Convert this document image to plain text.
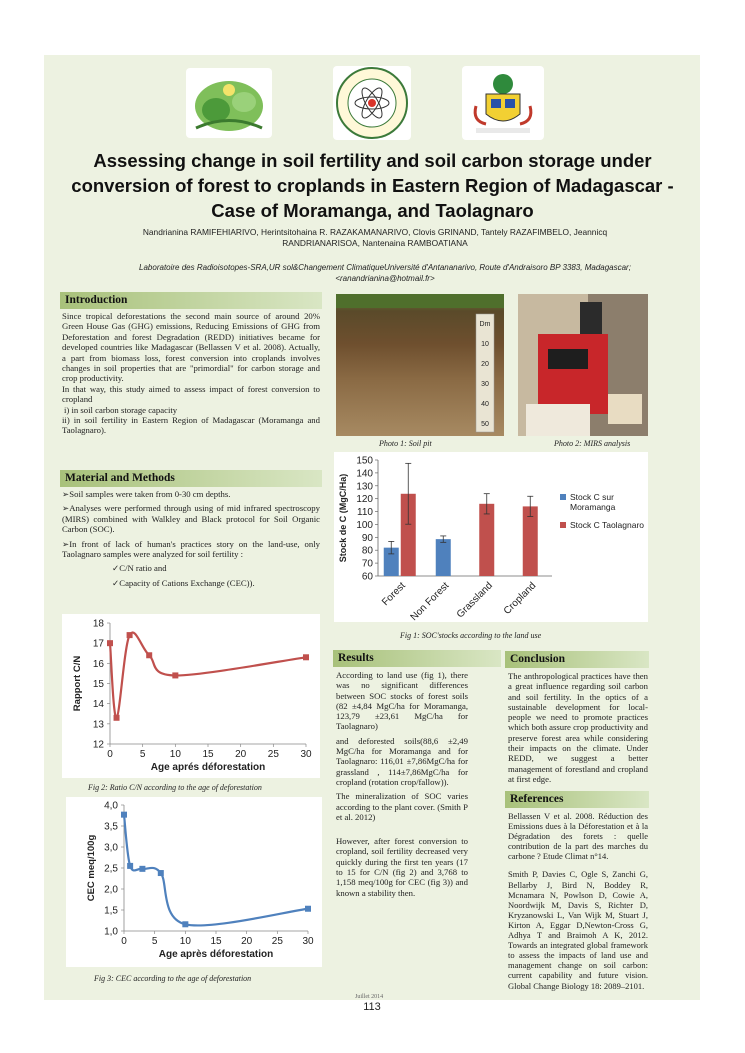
Assessing change in soil fertility and soil carbon storage under conversion of forest to croplands in Eastern Region of Madagascar - Case of Moramanga, and Taolagnaro
Nandrianina RAMIFEHIARIVO, Herintsitohaina R. RAZAKAMANARIVO, Clovis GRINAND, Tantely RAZAFIMBELO, Jeannicq RANDRIANARISOA, Nantenaina RAMBOATIANA
Laboratoire des Radioisotopes-SRA,UR sol&Changement ClimatiqueUniversité d'Antananarivo, Route d'Andraisoro BP 3383, Madagascar; <ranandrianina@hotmail.fr>
Introduction

Since tropical deforestations the second main source of around 20% Green House Gas (GHG) emissions, Reducing Emissions of GHG from Deforestation and forest Degradation (REDD) initiatives became for developed countries like Madagascar (Bellassen V et al. 2008). Actually, a part from biomass loss, forest conversion into croplands involves changes in soil properties that are "primordial" for carbon storage and crop productivity.

In that way, this study aimed to assess impact of forest conversion to cropland

i) in soil carbon storage capacity

ii) in soil fertility in Eastern Region of Madagascar (Moramanga and Taolagnaro).

Material and Methods

➢ Soil samples were taken from 0-30 cm depths.

➢ Analyses were performed through using of mid infrared spectroscopy (MIRS) combined with Walkley and Black protocol for Soil Organic Carbon (SOC).

➢ In front of lack of human's practices story on the land-use, only Taolagnaro samples were analyzed for soil fertility :

✓ C/N ratio and

✓ Capacity of Cations Exchange (CEC)).

12
13
14
15
16
17
18
0	5 10 15 20 25 30
Rapport C/N
Age aprés déforestation
Fig 2: Ratio C/N according to the age of deforestation
1,0
1,5
2,0
2,5
3,0
3,5
4,0
0	5 10 15 20 25 30
CEC meq/100g
Age après déforestation
Fig 3: CEC according to the age of deforestation
Dm
10
20
30
40
50
Photo 1: Soil pit	Photo 2: MIRS analysis
60
70
80
90
100
110
120
130
140
150
Stock de C (MgC/Ha)
Forest Non Forest Grassland Cropland
Stock C sur Moramanga
Stock C Taolagnaro
Fig 1: SOC'stocks according to the land use
Results

According to land use (fig 1), there was no significant differences between SOC stocks of forest soils (82 ±4,84 MgC/ha for Moramanga, 123,79 ±23,61 MgC/ha for Taolagnaro)

and deforested soils(88,6 ±2,49 MgC/ha for Moramanga and for Taolagnaro: 116,01 ±7,86MgC/ha for grassland , 114±7,86MgC/ha for cropland (rotation crop/fallow)).

The mineralization of SOC varies according to the plant cover. (Smith P et al. 2012)

However, after forest conversion to cropland, soil fertility decreased very quickly during the first ten years (17 to 15 for C/N (fig 2) and 3,768 to 1,158 meq/100g for CEC (fig 3)) and known a stability then.

Conclusion

The anthropological practices have then a great influence regarding soil carbon and soil fertility. In the optics of a sustainable development for local-people we need to promote practices which both assure crop productivity and preserve forest area while considering their impacts on the climate. Under REDD, we suggest a better management of forestland and cropland at first edge.

References

Bellassen V et al. 2008. Réduction des Emissions dues à la Déforestation et à la Dégradation des forets : quelle contribution de la part des marches du carbone ? Etude Climat n°14.

Smith P, Davies C, Ogle S, Zanchi G, Bellarby J, Bird N, Boddey R, Mcnamara N, Powlson D, Cowie A, Noordwijk M, Davis S, Richter D, Kryzanowski L, Van Wijk M, Stuart J, Kirton A, Eggar D,Newton-Cross G, Adhya T and Braimoh A K, 2012. Towards an integrated global framework to assess the impacts of land use and management change on soil carbon: current capability and future vision. Global Change Biology 18: 2089–2101.

Juillet 2014
113
